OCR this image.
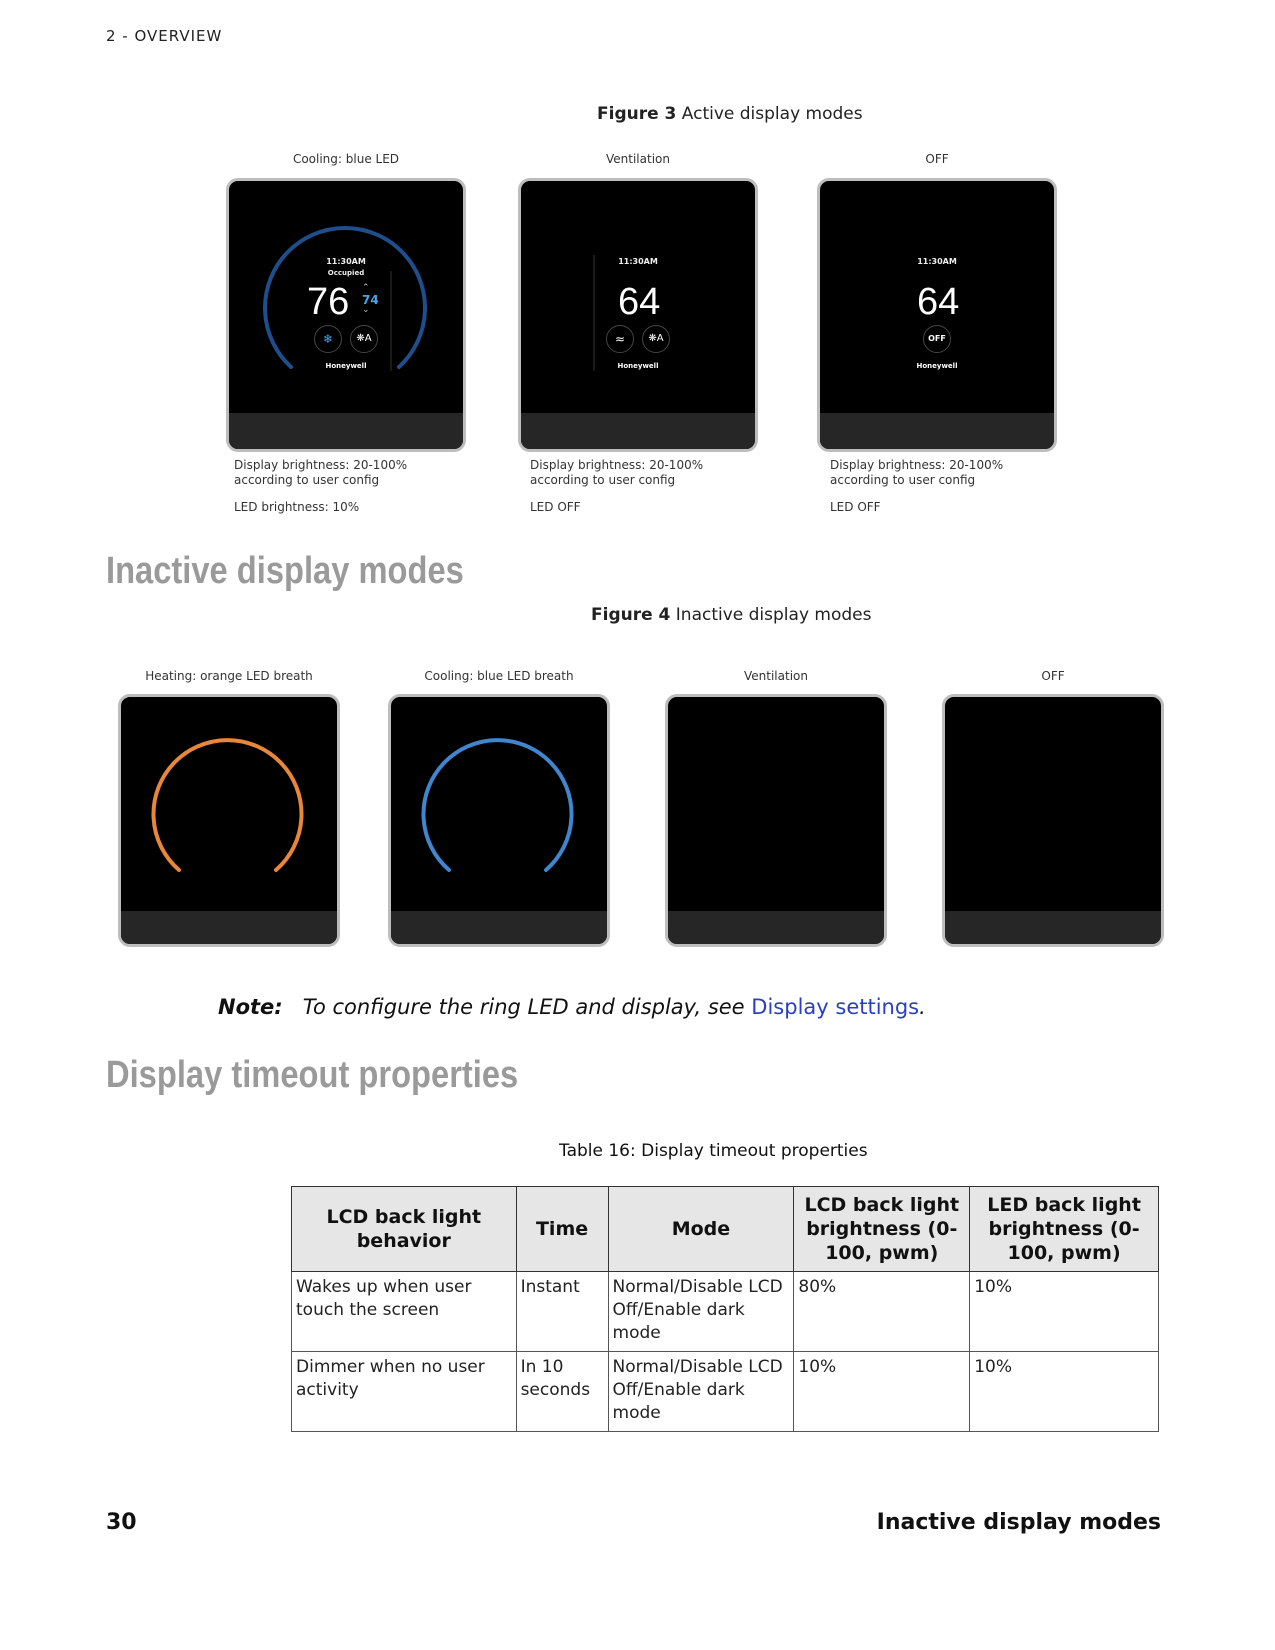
2 - OVERVIEW
Figure 3 Active display modes
Cooling: blue LED
11:30AM
Occupied
76 ⌃
74
⌄
❄	❋A
Honeywell
Display brightness: 20-100%
according to user config
LED brightness: 10%
Ventilation
11:30AM
64
≈	❋A
Honeywell
Display brightness: 20-100%
according to user config
LED OFF
OFF
11:30AM
64
OFF
Honeywell
Display brightness: 20-100%
according to user config
LED OFF
Inactive display modes
Figure 4 Inactive display modes
Heating: orange LED breath	Cooling: blue LED breath	Ventilation	OFF
Note: To configure the ring LED and display, see Display settings.
Display timeout properties
Table 16: Display timeout properties
LCD back light behavior	Time	Mode	LCD back light brightness (0-100, pwm)	LED back light brightness (0-100, pwm)
Wakes up when user touch the screen	Instant	Normal/Disable LCD Off/Enable dark mode	80%	10%
Dimmer when no user activity	In 10 seconds	Normal/Disable LCD Off/Enable dark mode	10%	10%
30	Inactive display modes
